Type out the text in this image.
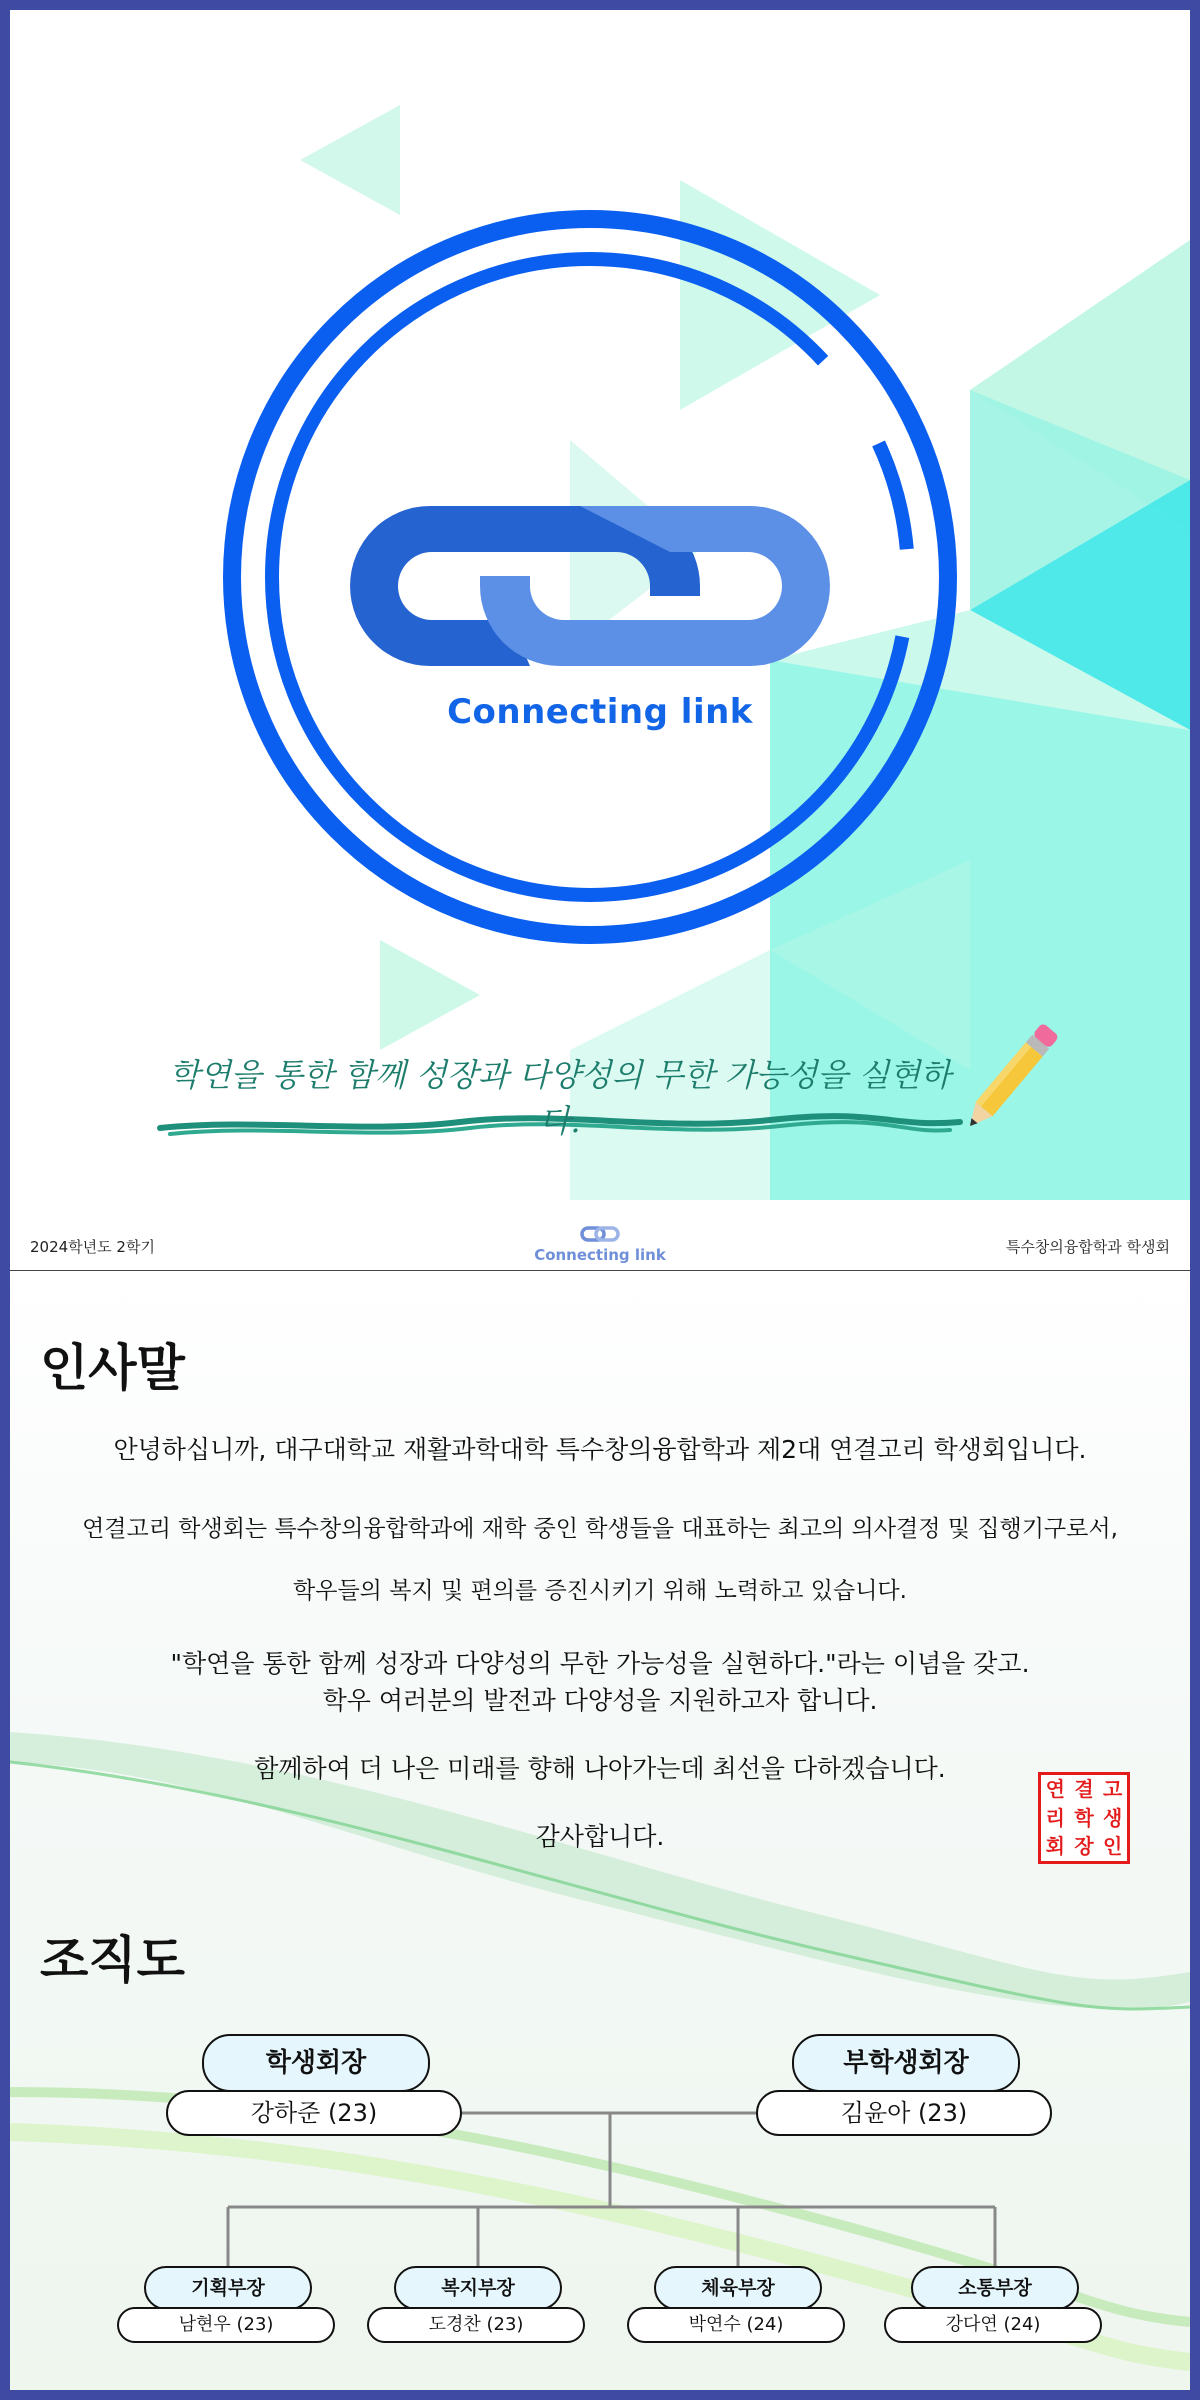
Connecting link
학연을 통한 함께 성장과 다양성의 무한 가능성을 실현하다.
2024학년도 2학기	Connecting link	특수창의융합학과 학생회
인사말
안녕하십니까, 대구대학교 재활과학대학 특수창의융합학과 제2대 연결고리 학생회입니다.
연결고리 학생회는 특수창의융합학과에 재학 중인 학생들을 대표하는 최고의 의사결정 및 집행기구로서,
학우들의 복지 및 편의를 증진시키기 위해 노력하고 있습니다.
"학연을 통한 함께 성장과 다양성의 무한 가능성을 실현하다."라는 이념을 갖고.
학우 여러분의 발전과 다양성을 지원하고자 합니다.
함께하여 더 나은 미래를 향해 나아가는데 최선을 다하겠습니다.
감사합니다.
연 결 고
리 학 생
회 장 인
조직도
학생회장
강하준 (23)
부학생회장
김윤아 (23)
기획부장
남현우 (23)
복지부장
도경찬 (23)
체육부장
박연수 (24)
소통부장
강다연 (24)
